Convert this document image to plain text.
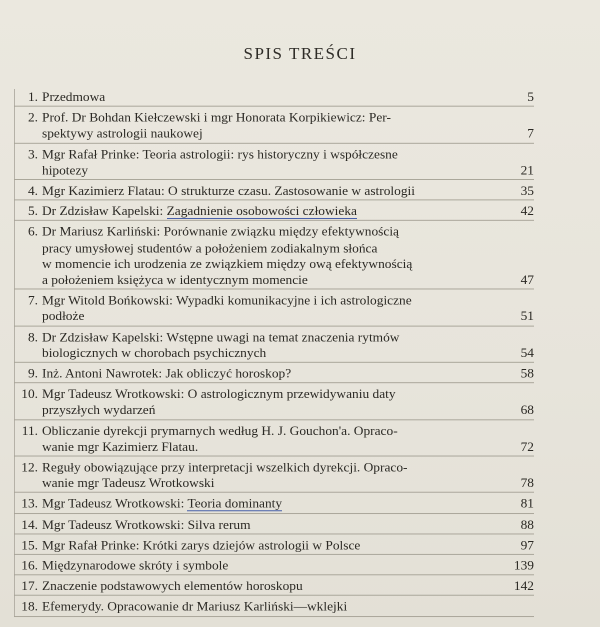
SPIS TREŚCI
1. Przedmowa	5
2. Prof. Dr Bohdan Kiełczewski i mgr Honorata Korpikiewicz: Per-
spektywy astrologii naukowej	7
3. Mgr Rafał Prinke: Teoria astrologii: rys historyczny i współczesne
hipotezy	21
4. Mgr Kazimierz Flatau: O strukturze czasu. Zastosowanie w astrologii	35
5. Dr Zdzisław Kapelski: Zagadnienie osobowości człowieka	42
6. Dr Mariusz Karliński: Porównanie związku między efektywnością
pracy umysłowej studentów a położeniem zodiakalnym słońca
w momencie ich urodzenia ze związkiem między ową efektywnością
a położeniem księżyca w identycznym momencie	47
7. Mgr Witold Bońkowski: Wypadki komunikacyjne i ich astrologiczne
podłoże	51
8. Dr Zdzisław Kapelski: Wstępne uwagi na temat znaczenia rytmów
biologicznych w chorobach psychicznych	54
9. Inż. Antoni Nawrotek: Jak obliczyć horoskop?	58
10. Mgr Tadeusz Wrotkowski: O astrologicznym przewidywaniu daty
przyszłych wydarzeń	68
11. Obliczanie dyrekcji prymarnych według H. J. Gouchon'a. Opraco-
wanie mgr Kazimierz Flatau.	72
12. Reguły obowiązujące przy interpretacji wszelkich dyrekcji. Opraco-
wanie mgr Tadeusz Wrotkowski	78
13. Mgr Tadeusz Wrotkowski: Teoria dominanty	81
14. Mgr Tadeusz Wrotkowski: Silva rerum	88
15. Mgr Rafał Prinke: Krótki zarys dziejów astrologii w Polsce	97
16. Międzynarodowe skróty i symbole	139
17. Znaczenie podstawowych elementów horoskopu	142
18. Efemerydy. Opracowanie dr Mariusz Karliński—wklejki
